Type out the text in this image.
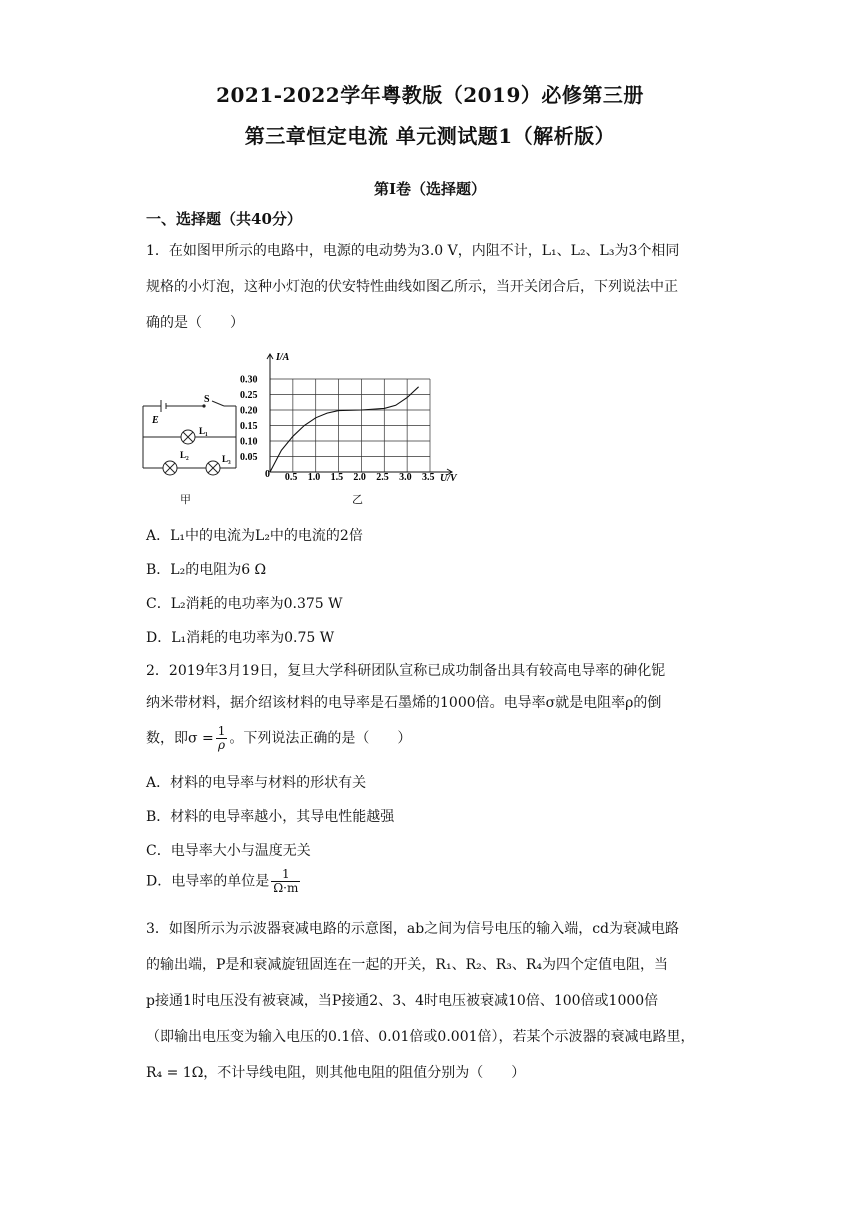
2021-2022学年粤教版（2019）必修第三册
第三章恒定电流 单元测试题1（解析版）
第Ⅰ卷（选择题）
一、选择题（共40分）
1．在如图甲所示的电路中，电源的电动势为3.0 V，内阻不计，L₁、L₂、L₃为3个相同
规格的小灯泡，这种小灯泡的伏安特性曲线如图乙所示，当开关闭合后，下列说法中正
确的是（　　）
E
S
L₁
L₂	L₃
甲
0.05
0.10
0.15
0.20
0.25
0.30
0.5 1.0 1.5 2.0 2.5 3.0 3.5
I/A
U/V
0
乙
A．L₁中的电流为L₂中的电流的2倍
B．L₂的电阻为6 Ω
C．L₂消耗的电功率为0.375 W
D．L₁消耗的电功率为0.75 W
2．2019年3月19日，复旦大学科研团队宣称已成功制备出具有较高电导率的砷化铌
纳米带材料，据介绍该材料的电导率是石墨烯的1000倍。电导率σ就是电阻率ρ的倒
数，即$\sigma = \frac{1}{\rho}$ 。下列说法正确的是（　　）
A．材料的电导率与材料的形状有关
B．材料的电导率越小，其导电性能越强
C．电导率大小与温度无关
D．电导率的单位是 $\frac{1}{\Omega\cdot m}$
3．如图所示为示波器衰减电路的示意图，ab之间为信号电压的输入端，cd为衰减电路
的输出端，P是和衰减旋钮固连在一起的开关，R₁、R₂、R₃、R₄为四个定值电阻，当
p接通1时电压没有被衰减，当P接通2、3、4时电压被衰减10倍、100倍或1000倍
（即输出电压变为输入电压的0.1倍、0.01倍或0.001倍），若某个示波器的衰减电路里，
R₄ = 1Ω，不计导线电阻，则其他电阻的阻值分别为（　　）
